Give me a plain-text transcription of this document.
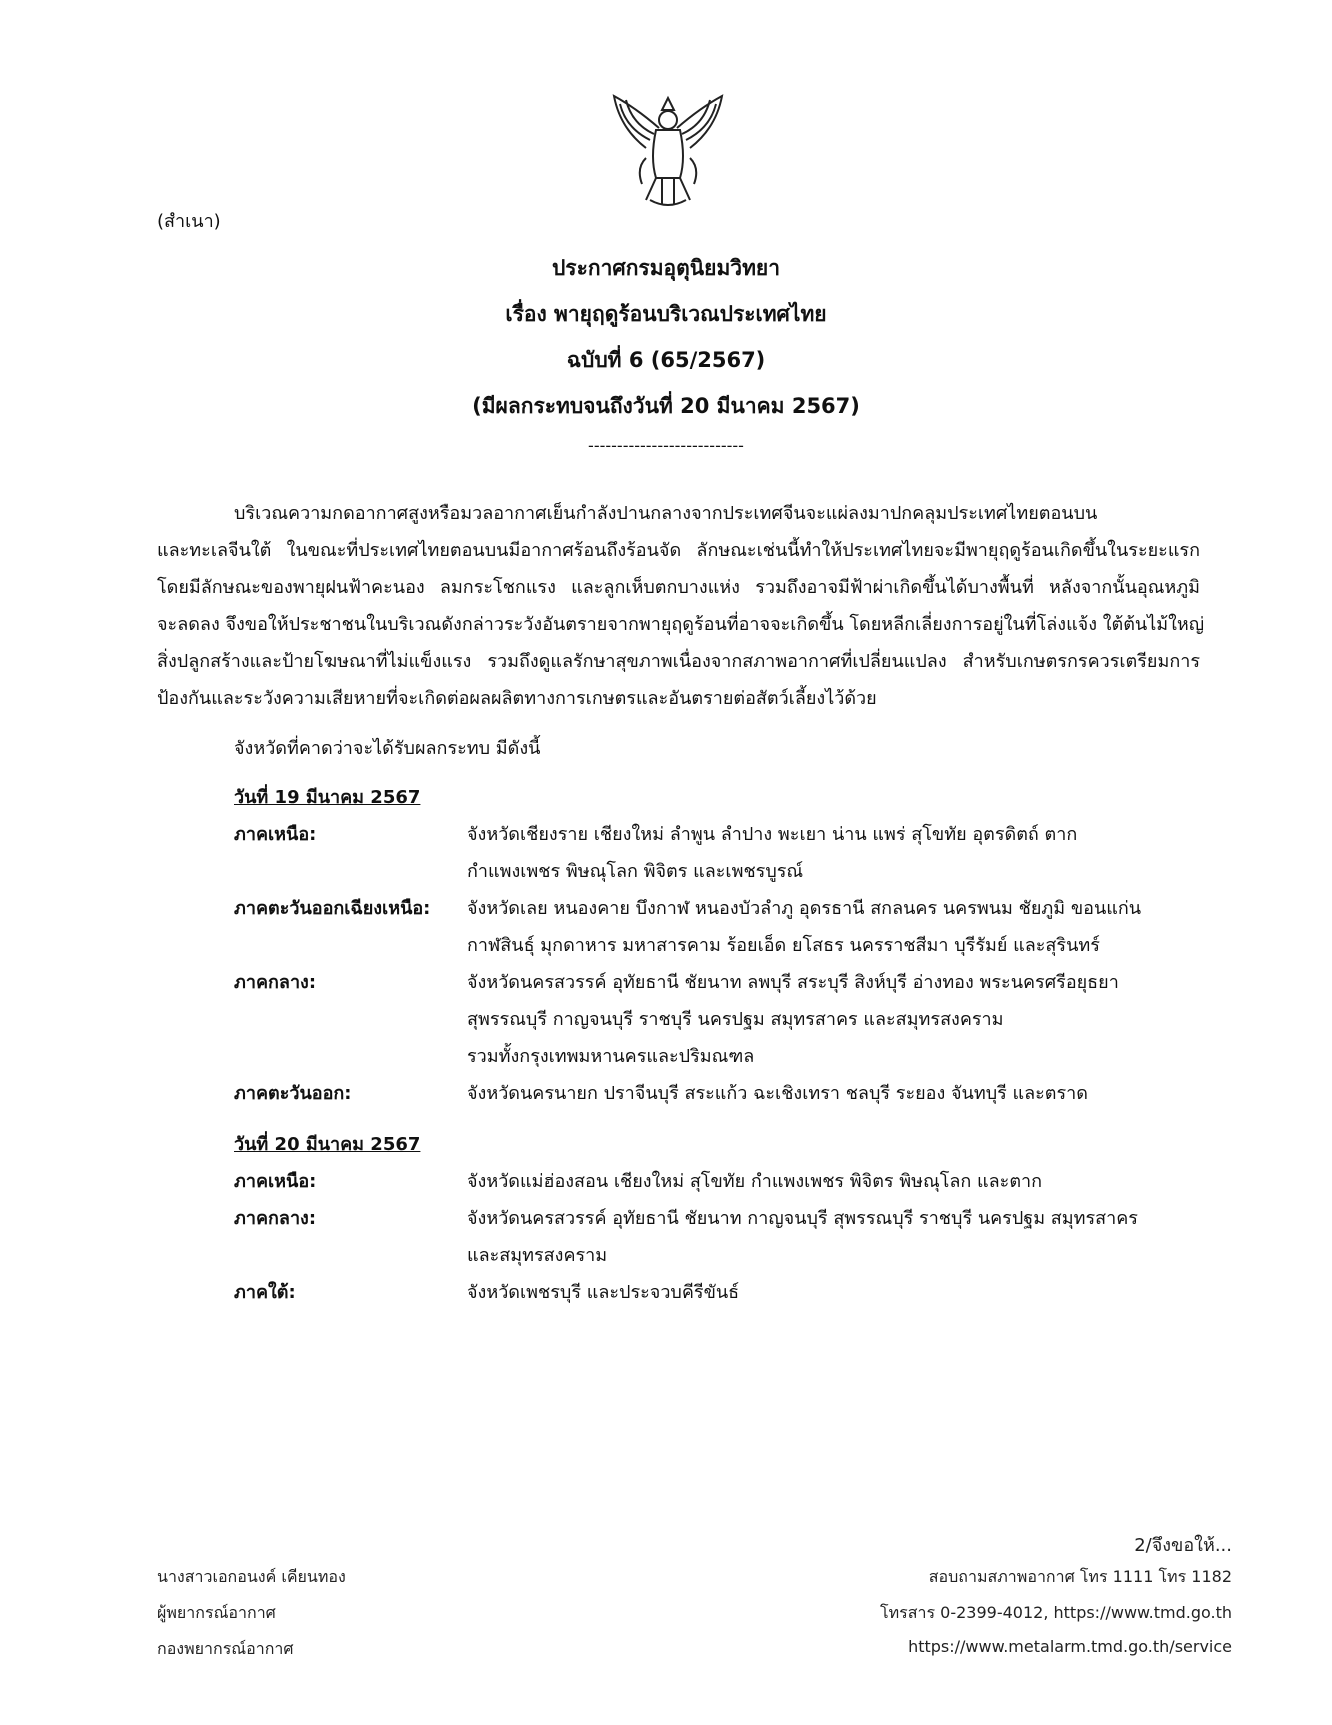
(สำเนา)
ประกาศกรมอุตุนิยมวิทยา
เรื่อง พายุฤดูร้อนบริเวณประเทศไทย
ฉบับที่ 6 (65/2567)
(มีผลกระทบจนถึงวันที่ 20 มีนาคม 2567)
---------------------------
บริเวณความกดอากาศสูงหรือมวลอากาศเย็นกำลังปานกลางจากประเทศจีนจะแผ่ลงมาปกคลุมประเทศไทยตอนบน
และทะเลจีนใต้ ในขณะที่ประเทศไทยตอนบนมีอากาศร้อนถึงร้อนจัด ลักษณะเช่นนี้ทำให้ประเทศไทยจะมีพายุฤดูร้อนเกิดขึ้นในระยะแรก
โดยมีลักษณะของพายุฝนฟ้าคะนอง ลมกระโชกแรง และลูกเห็บตกบางแห่ง รวมถึงอาจมีฟ้าผ่าเกิดขึ้นได้บางพื้นที่ หลังจากนั้นอุณหภูมิ
จะลดลง จึงขอให้ประชาชนในบริเวณดังกล่าวระวังอันตรายจากพายุฤดูร้อนที่อาจจะเกิดขึ้น โดยหลีกเลี่ยงการอยู่ในที่โล่งแจ้ง ใต้ต้นไม้ใหญ่
สิ่งปลูกสร้างและป้ายโฆษณาที่ไม่แข็งแรง รวมถึงดูแลรักษาสุขภาพเนื่องจากสภาพอากาศที่เปลี่ยนแปลง สำหรับเกษตรกรควรเตรียมการ
ป้องกันและระวังความเสียหายที่จะเกิดต่อผลผลิตทางการเกษตรและอันตรายต่อสัตว์เลี้ยงไว้ด้วย
จังหวัดที่คาดว่าจะได้รับผลกระทบ มีดังนี้
วันที่ 19 มีนาคม 2567
ภาคเหนือ:	จังหวัดเชียงราย เชียงใหม่ ลำพูน ลำปาง พะเยา น่าน แพร่ สุโขทัย อุตรดิตถ์ ตาก
กำแพงเพชร พิษณุโลก พิจิตร และเพชรบูรณ์
ภาคตะวันออกเฉียงเหนือ: จังหวัดเลย หนองคาย บึงกาฬ หนองบัวลำภู อุดรธานี สกลนคร นครพนม ชัยภูมิ ขอนแก่น
กาฬสินธุ์ มุกดาหาร มหาสารคาม ร้อยเอ็ด ยโสธร นครราชสีมา บุรีรัมย์ และสุรินทร์
ภาคกลาง:	จังหวัดนครสวรรค์ อุทัยธานี ชัยนาท ลพบุรี สระบุรี สิงห์บุรี อ่างทอง พระนครศรีอยุธยา
สุพรรณบุรี กาญจนบุรี ราชบุรี นครปฐม สมุทรสาคร และสมุทรสงคราม
รวมทั้งกรุงเทพมหานครและปริมณฑล
ภาคตะวันออก:	จังหวัดนครนายก ปราจีนบุรี สระแก้ว ฉะเชิงเทรา ชลบุรี ระยอง จันทบุรี และตราด
วันที่ 20 มีนาคม 2567
ภาคเหนือ:	จังหวัดแม่ฮ่องสอน เชียงใหม่ สุโขทัย กำแพงเพชร พิจิตร พิษณุโลก และตาก
ภาคกลาง:	จังหวัดนครสวรรค์ อุทัยธานี ชัยนาท กาญจนบุรี สุพรรณบุรี ราชบุรี นครปฐม สมุทรสาคร
และสมุทรสงคราม
ภาคใต้:	จังหวัดเพชรบุรี และประจวบคีรีขันธ์
2/จึงขอให้...
นางสาวเอกอนงค์ เคียนทอง
ผู้พยากรณ์อากาศ
กองพยากรณ์อากาศ
สอบถามสภาพอากาศ โทร 1111 โทร 1182
โทรสาร 0-2399-4012, https://www.tmd.go.th
https://www.metalarm.tmd.go.th/service
